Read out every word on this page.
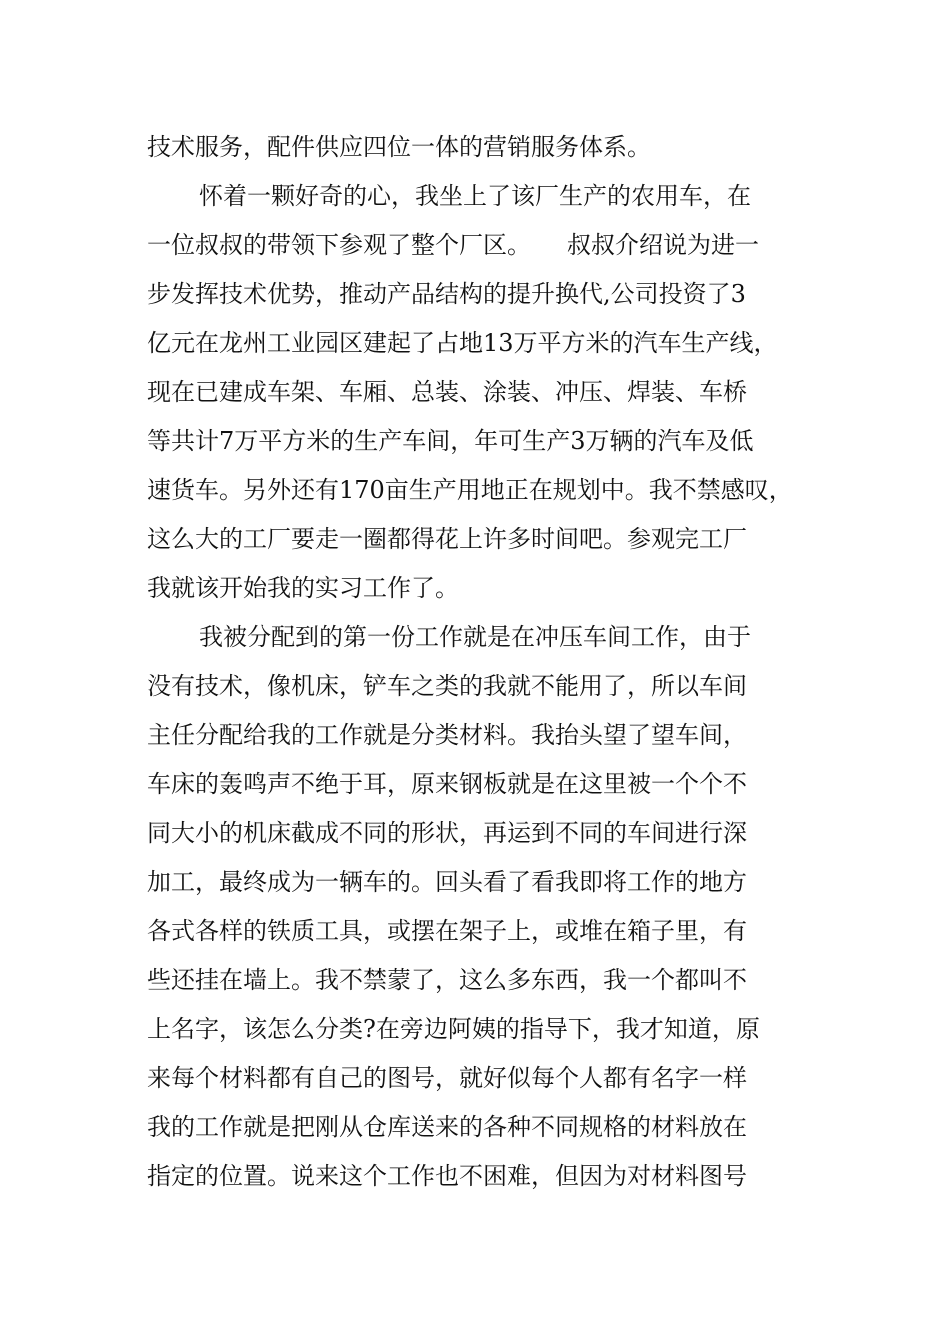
技术服务，配件供应四位一体的营销服务体系。
怀着一颗好奇的心，我坐上了该厂生产的农用车，在
一位叔叔的带领下参观了整个厂区。　　叔叔介绍说为进一
步发挥技术优势，推动产品结构的提升换代,公司投资了3
亿元在龙州工业园区建起了占地13万平方米的汽车生产线，
现在已建成车架、车厢、总装、涂装、冲压、焊装、车桥
等共计7万平方米的生产车间，年可生产3万辆的汽车及低
速货车。另外还有170亩生产用地正在规划中。我不禁感叹，
这么大的工厂要走一圈都得花上许多时间吧。参观完工厂
我就该开始我的实习工作了。
我被分配到的第一份工作就是在冲压车间工作，由于
没有技术，像机床，铲车之类的我就不能用了，所以车间
主任分配给我的工作就是分类材料。我抬头望了望车间，
车床的轰鸣声不绝于耳，原来钢板就是在这里被一个个不
同大小的机床截成不同的形状，再运到不同的车间进行深
加工，最终成为一辆车的。回头看了看我即将工作的地方
各式各样的铁质工具，或摆在架子上，或堆在箱子里，有
些还挂在墙上。我不禁蒙了，这么多东西，我一个都叫不
上名字，该怎么分类?在旁边阿姨的指导下，我才知道，原
来每个材料都有自己的图号，就好似每个人都有名字一样
我的工作就是把刚从仓库送来的各种不同规格的材料放在
指定的位置。说来这个工作也不困难，但因为对材料图号
